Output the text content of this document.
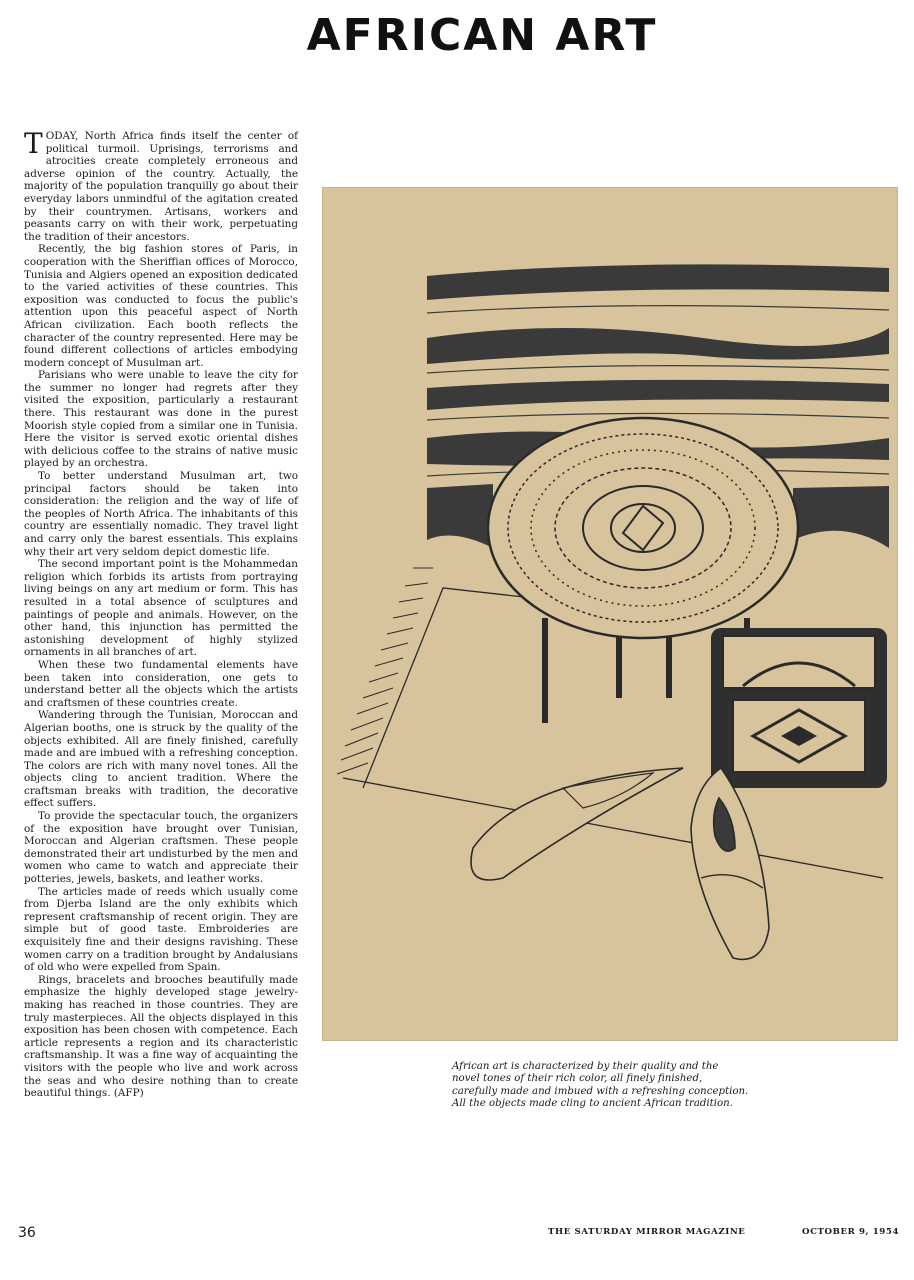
AFRICAN ART

TODAY, North Africa finds itself the center of political turmoil. Uprisings, terrorisms and atrocities create completely erroneous and adverse opinion of the country. Actually, the majority of the population tranquilly go about their everyday labors unmindful of the agitation created by their countrymen. Artisans, workers and peasants carry on with their work, perpetuating the tradition of their ancestors.

Recently, the big fashion stores of Paris, in cooperation with the Sheriffian offices of Morocco, Tunisia and Algiers opened an exposition dedicated to the varied activities of these countries. This exposition was conducted to focus the public's attention upon this peaceful aspect of North African civilization. Each booth reflects the character of the country represented. Here may be found different collections of articles embodying modern concept of Musulman art.

Parisians who were unable to leave the city for the summer no longer had regrets after they visited the exposition, particularly a restaurant there. This restaurant was done in the purest Moorish style copied from a similar one in Tunisia. Here the visitor is served exotic oriental dishes with delicious coffee to the strains of native music played by an orchestra.

To better understand Musulman art, two principal factors should be taken into consideration: the religion and the way of life of the peoples of North Africa. The inhabitants of this country are essentially nomadic. They travel light and carry only the barest essentials. This explains why their art very seldom depict domestic life.

The second important point is the Mohammedan religion which forbids its artists from portraying living beings on any art medium or form. This has resulted in a total absence of sculptures and paintings of people and animals. However, on the other hand, this injunction has permitted the astonishing development of highly stylized ornaments in all branches of art.

When these two fundamental elements have been taken into consideration, one gets to understand better all the objects which the artists and craftsmen of these countries create.

Wandering through the Tunisian, Moroccan and Algerian booths, one is struck by the quality of the objects exhibited. All are finely finished, carefully made and are imbued with a refreshing conception. The colors are rich with many novel tones. All the objects cling to ancient tradition. Where the craftsman breaks with tradition, the decorative effect suffers.

To provide the spectacular touch, the organizers of the exposition have brought over Tunisian, Moroccan and Algerian craftsmen. These people demonstrated their art undisturbed by the men and women who came to watch and appreciate their potteries, jewels, baskets, and leather works.

The articles made of reeds which usually come from Djerba Island are the only exhibits which represent craftsmanship of recent origin. They are simple but of good taste. Embroideries are exquisitely fine and their designs ravishing. These women carry on a tradition brought by Andalusians of old who were expelled from Spain.

Rings, bracelets and brooches beautifully made emphasize the highly developed stage jewelry-making has reached in those countries. They are truly masterpieces. All the objects displayed in this exposition has been chosen with competence. Each article represents a region and its characteristic craftsmanship. It was a fine way of acquainting the visitors with the people who live and work across the seas and who desire nothing than to create beautiful things. (AFP)

African art is characterized by their quality and the
novel tones of their rich color, all finely finished,
carefully made and imbued with a refreshing conception.
All the objects made cling to ancient African tradition.
36	THE SATURDAY MIRROR MAGAZINE	OCTOBER 9, 1954
